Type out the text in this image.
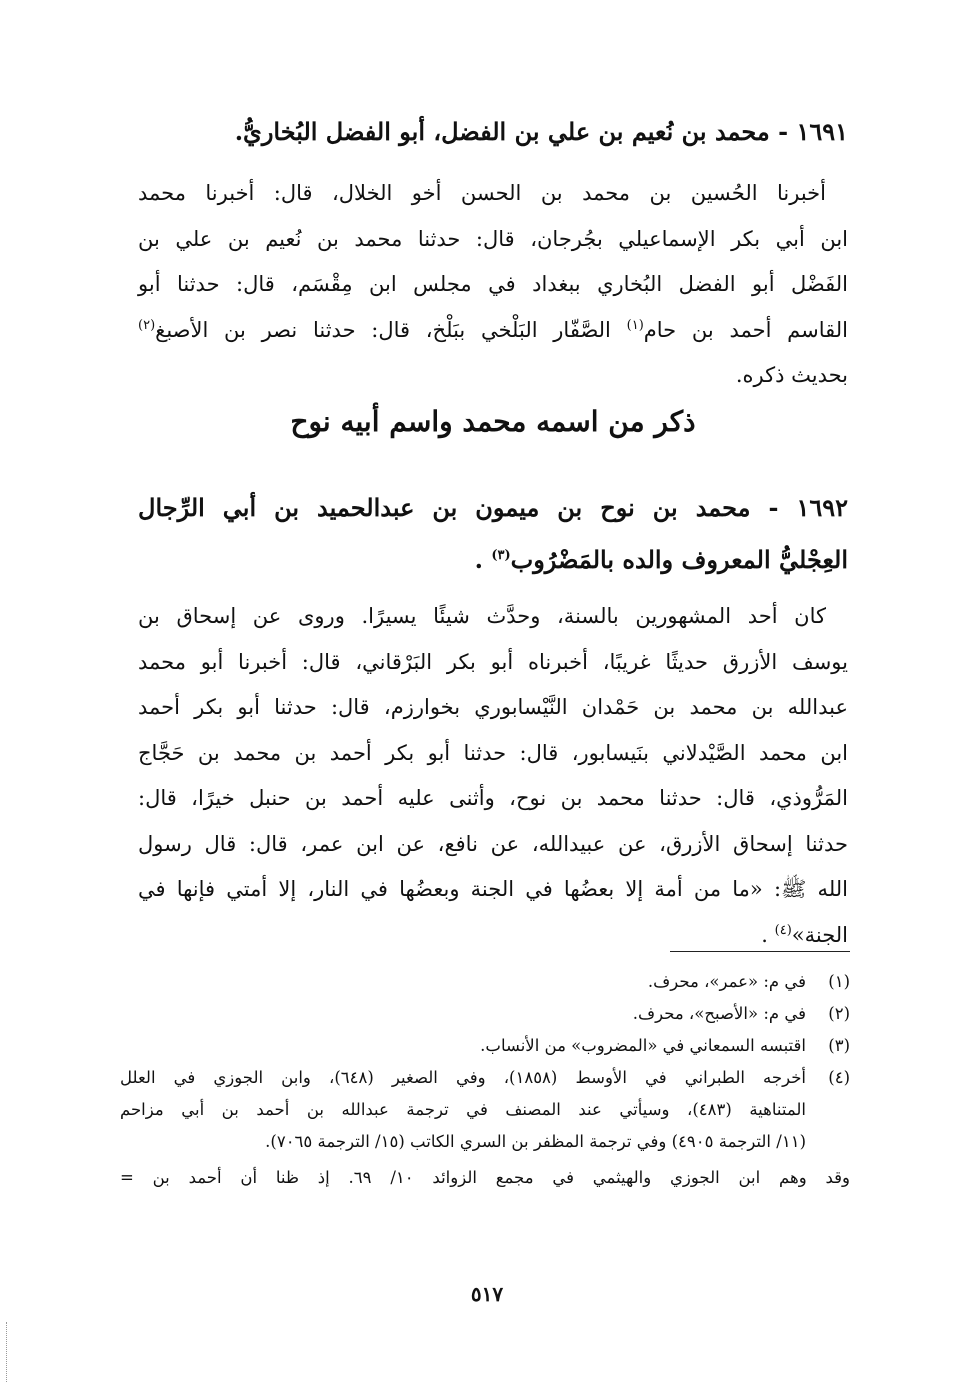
١٦٩١ - محمد بن نُعيم بن علي بن الفضل، أبو الفضل البُخاريُّ.
أخبرنا الحُسين بن محمد بن الحسن أخو الخلال، قال: أخبرنا محمد
ابن أبي بكر الإسماعيلي بجُرجان، قال: حدثنا محمد بن نُعيم بن علي بن
الفَضْل أبو الفضل البُخاري ببغداد في مجلس ابن مِقْسَم، قال: حدثنا أبو
القاسم أحمد بن حام$^{(١)}$ الصَّفّار البَلْخي ببَلْخ، قال: حدثنا نصر بن الأصبغ$^{(٢)}$
بحديث ذكره.
ذكر من اسمه محمد واسم أبيه نوح
١٦٩٢ - محمد بن نوح بن ميمون بن عبدالحميد بن أبي الرِّجال
العِجْليُّ المعروف والده بالمَضْرُوب$^{(٣)}$ .
كان أحد المشهورين بالسنة، وحدَّث شيئًا يسيرًا. وروى عن إسحاق بن
يوسف الأزرق حديثًا غريبًا، أخبرناه أبو بكر البَرْقاني، قال: أخبرنا أبو محمد
عبدالله بن محمد بن حَمْدان النَّيْسابوري بخوارزم، قال: حدثنا أبو بكر أحمد
ابن محمد الصَّيْدلاني بنَيسابور، قال: حدثنا أبو بكر أحمد بن محمد بن حَجَّاج
المَرُّوذي، قال: حدثنا محمد بن نوح، وأثنى عليه أحمد بن حنبل خيرًا، قال:
حدثنا إسحاق الأزرق، عن عبيدالله، عن نافع، عن ابن عمر، قال: قال رسول
الله ﷺ: «ما من أمة إلا بعضُها في الجنة وبعضُها في النار، إلا أمتي فإنها في
الجنة»$^{(٤)}$ .
(١)
في م: «عمر»، محرف.
(٢)
في م: «الأصبح»، محرف.
(٣)
اقتبسه السمعاني في «المضروب» من الأنساب.
(٤)
أخرجه الطبراني في الأوسط (١٨٥٨)، وفي الصغير (٦٤٨)، وابن الجوزي في العلل
المتناهية (٤٨٣)، وسيأتي عند المصنف في ترجمة عبدالله بن أحمد بن أبي مزاحم
(١١/ الترجمة ٤٩٠٥) وفي ترجمة المظفر بن السري الكاتب (١٥/ الترجمة ٧٠٦٥).
وقد وهم ابن الجوزي والهيثمي في مجمع الزوائد ١٠/ ٦٩. إذ ظنا أن أحمد بن =
٥١٧
